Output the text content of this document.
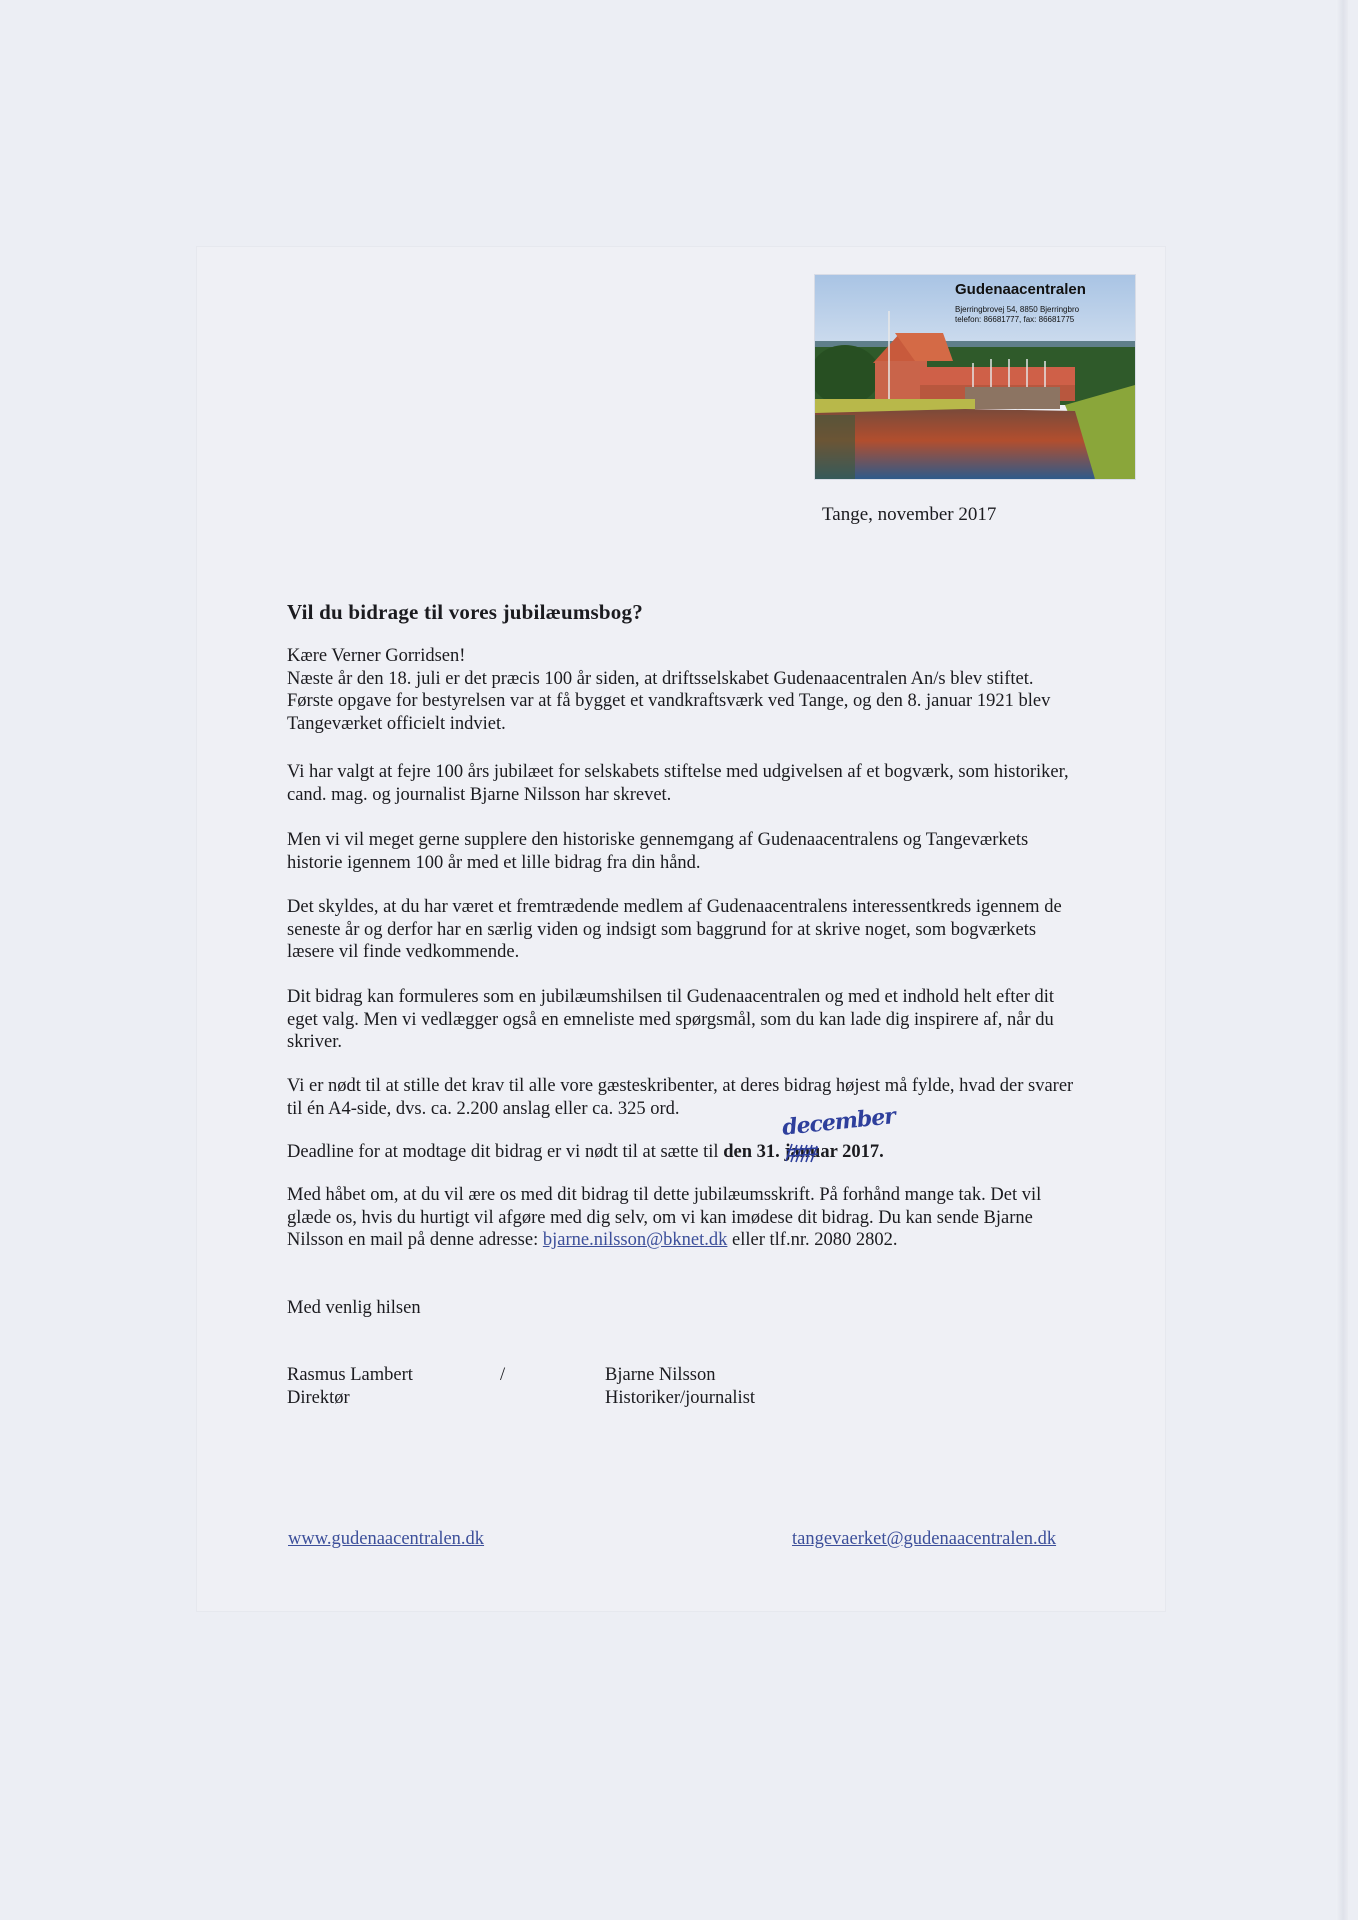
Gudenaacentralen
Bjerringbrovej 54, 8850 Bjerringbro
telefon: 86681777, fax: 86681775
Tange, november 2017
Vil du bidrage til vores jubilæumsbog?

Kære Verner Gorridsen!

Næste år den 18. juli er det præcis 100 år siden, at driftsselskabet Gudenaacentralen An/s blev stiftet. Første opgave for bestyrelsen var at få bygget et vandkraftsværk ved Tange, og den 8. januar 1921 blev Tangeværket officielt indviet.

Vi har valgt at fejre 100 års jubilæet for selskabets stiftelse med udgivelsen af et bogværk, som historiker, cand. mag. og journalist Bjarne Nilsson har skrevet.

Men vi vil meget gerne supplere den historiske gennemgang af Gudenaacentralens og Tangeværkets historie igennem 100 år med et lille bidrag fra din hånd.

Det skyldes, at du har været et fremtrædende medlem af Gudenaacentralens interessentkreds igennem de seneste år og derfor har en særlig viden og indsigt som baggrund for at skrive noget, som bogværkets læsere vil finde vedkommende.

Dit bidrag kan formuleres som en jubilæumshilsen til Gudenaacentralen og med et indhold helt efter dit eget valg. Men vi vedlægger også en emneliste med spørgsmål, som du kan lade dig inspirere af, når du skriver.

Vi er nødt til at stille det krav til alle vore gæsteskribenter, at deres bidrag højest må fylde, hvad der svarer til én A4-side, dvs. ca. 2.200 anslag eller ca. 325 ord.

Deadline for at modtage dit bidrag er vi nødt til at sætte til den 31. janu
december
ar 2017.

Med håbet om, at du vil ære os med dit bidrag til dette jubilæumsskrift. På forhånd mange tak. Det vil glæde os, hvis du hurtigt vil afgøre med dig selv, om vi kan imødese dit bidrag. Du kan sende Bjarne Nilsson en mail på denne adresse: bjarne.nilsson@bknet.dk eller tlf.nr. 2080 2802.

Med venlig hilsen

Rasmus Lambert
Direktør
/	Bjarne Nilsson
Historiker/journalist
www.gudenaacentralen.dk	tangevaerket@gudenaacentralen.dk
